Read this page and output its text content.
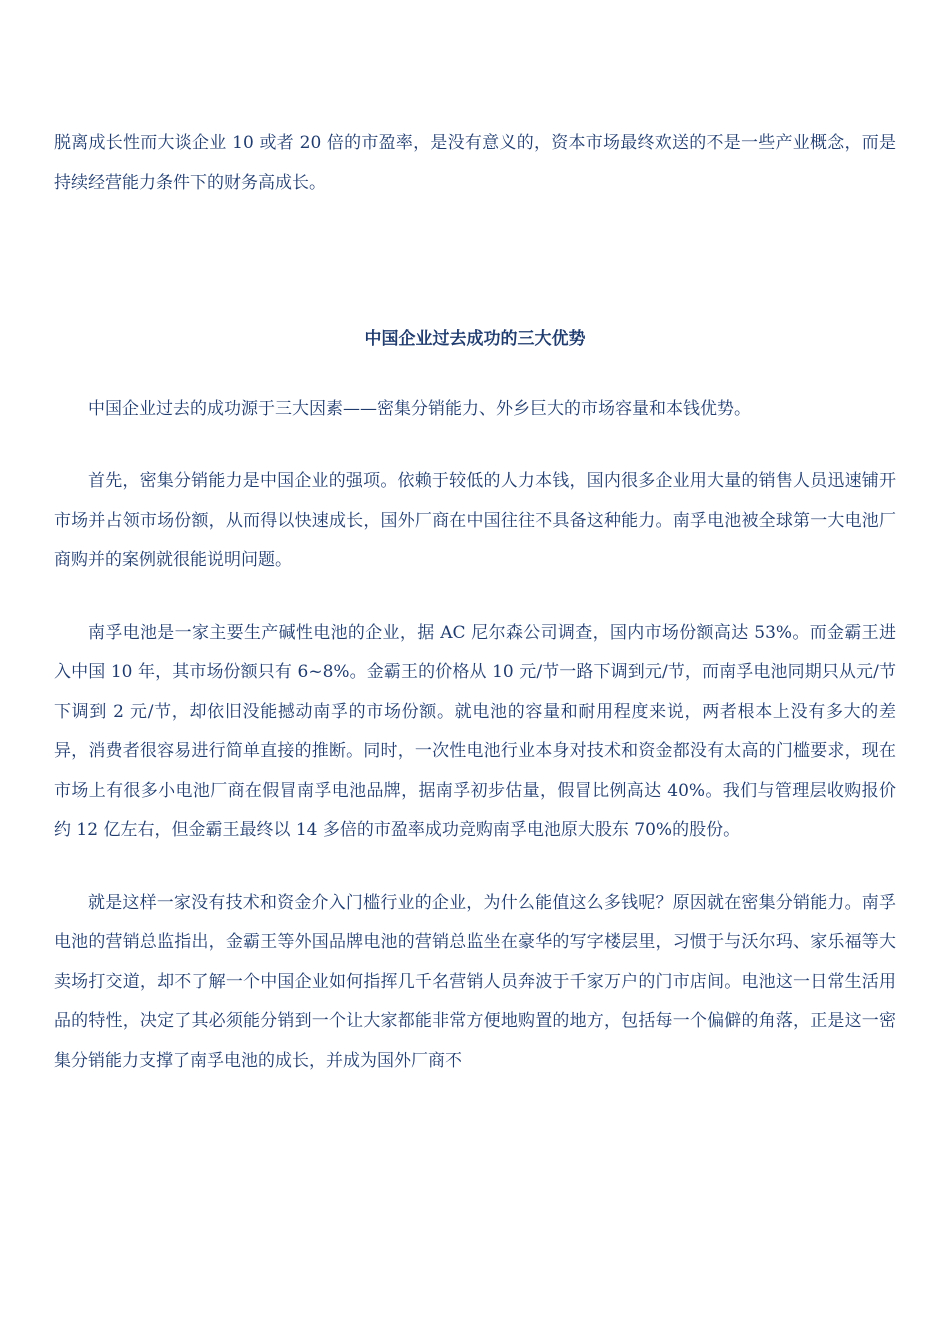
脱离成长性而大谈企业 10 或者 20 倍的市盈率，是没有意义的，资本市场最终欢送的不是一些产业概念，而是持续经营能力条件下的财务高成长。

中国企业过去成功的三大优势

中国企业过去的成功源于三大因素——密集分销能力、外乡巨大的市场容量和本钱优势。

首先，密集分销能力是中国企业的强项。依赖于较低的人力本钱，国内很多企业用大量的销售人员迅速铺开市场并占领市场份额，从而得以快速成长，国外厂商在中国往往不具备这种能力。南孚电池被全球第一大电池厂商购并的案例就很能说明问题。

南孚电池是一家主要生产碱性电池的企业，据 AC 尼尔森公司调查，国内市场份额高达 53%。而金霸王进入中国 10 年，其市场份额只有 6~8%。金霸王的价格从 10 元/节一路下调到元/节，而南孚电池同期只从元/节下调到 2 元/节，却依旧没能撼动南孚的市场份额。就电池的容量和耐用程度来说，两者根本上没有多大的差异，消费者很容易进行简单直接的推断。同时，一次性电池行业本身对技术和资金都没有太高的门槛要求，现在市场上有很多小电池厂商在假冒南孚电池品牌，据南孚初步估量，假冒比例高达 40%。我们与管理层收购报价约 12 亿左右，但金霸王最终以 14 多倍的市盈率成功竞购南孚电池原大股东 70%的股份。

就是这样一家没有技术和资金介入门槛行业的企业，为什么能值这么多钱呢？原因就在密集分销能力。南孚电池的营销总监指出，金霸王等外国品牌电池的营销总监坐在豪华的写字楼层里，习惯于与沃尔玛、家乐福等大卖场打交道，却不了解一个中国企业如何指挥几千名营销人员奔波于千家万户的门市店间。电池这一日常生活用品的特性，决定了其必须能分销到一个让大家都能非常方便地购置的地方，包括每一个偏僻的角落，正是这一密集分销能力支撑了南孚电池的成长，并成为国外厂商不
